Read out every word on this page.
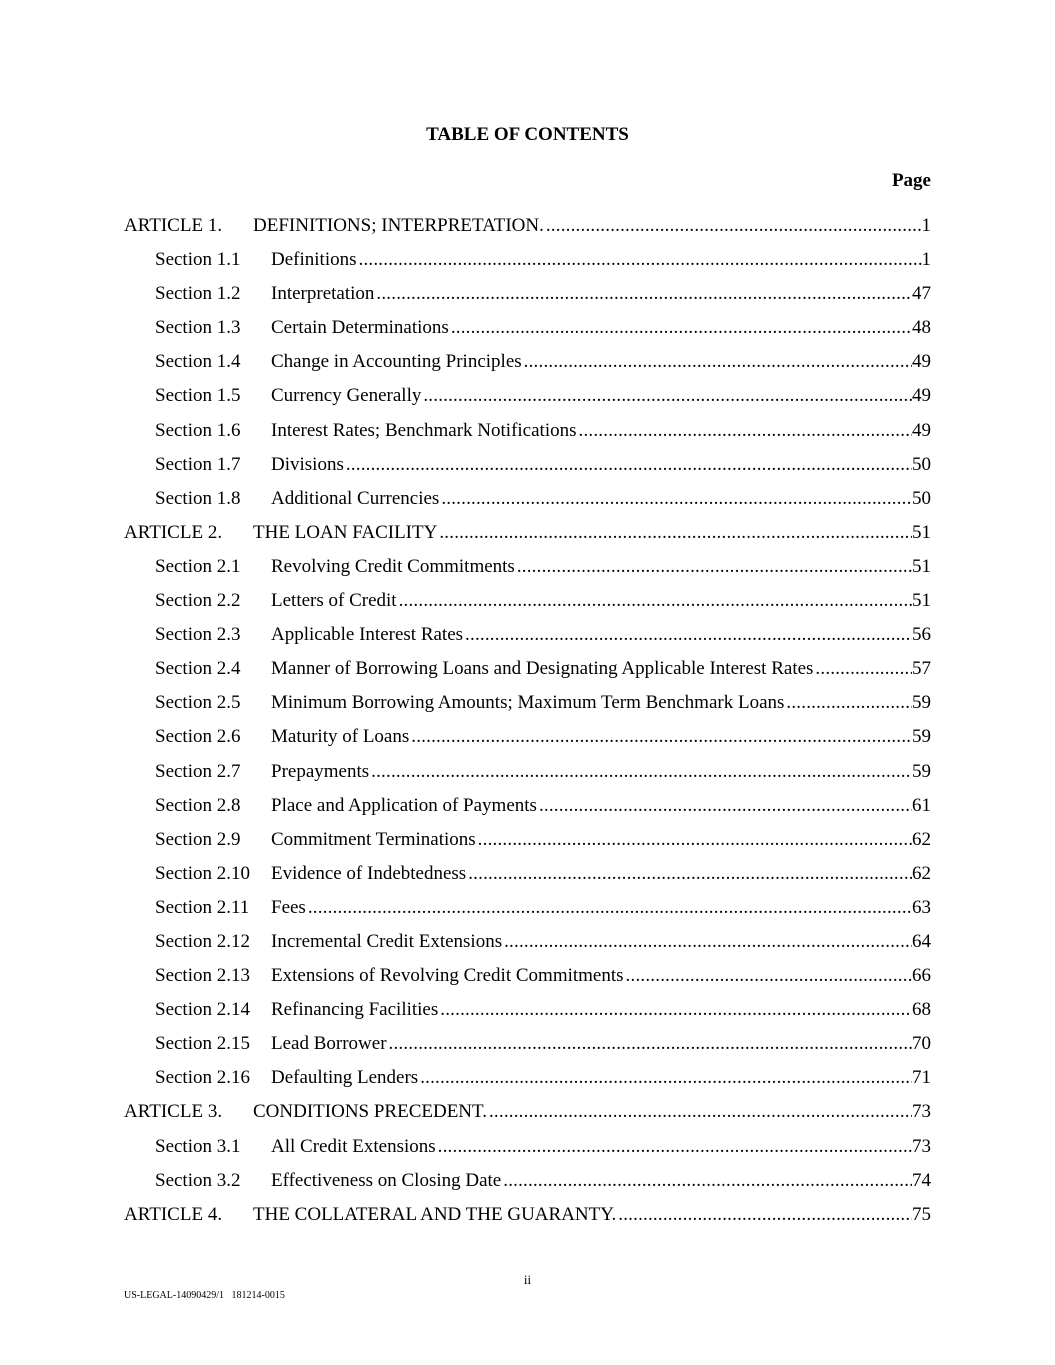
TABLE OF CONTENTS
Page
ARTICLE 1.	DEFINITIONS; INTERPRETATION. .....	1
Section 1.1	Definitions .....	1
Section 1.2	Interpretation .....	47
Section 1.3	Certain Determinations .....	48
Section 1.4	Change in Accounting Principles .....	49
Section 1.5	Currency Generally .....	49
Section 1.6	Interest Rates; Benchmark Notifications .....	49
Section 1.7	Divisions .....	50
Section 1.8	Additional Currencies .....	50
ARTICLE 2.	THE LOAN FACILITY .....	51
Section 2.1	Revolving Credit Commitments .....	51
Section 2.2	Letters of Credit .....	51
Section 2.3	Applicable Interest Rates .....	56
Section 2.4	Manner of Borrowing Loans and Designating Applicable Interest Rates .....	57
Section 2.5	Minimum Borrowing Amounts; Maximum Term Benchmark Loans .....	59
Section 2.6	Maturity of Loans .....	59
Section 2.7	Prepayments .....	59
Section 2.8	Place and Application of Payments .....	61
Section 2.9	Commitment Terminations .....	62
Section 2.10	Evidence of Indebtedness .....	62
Section 2.11	Fees .....	63
Section 2.12	Incremental Credit Extensions .....	64
Section 2.13	Extensions of Revolving Credit Commitments .....	66
Section 2.14	Refinancing Facilities .....	68
Section 2.15	Lead Borrower .....	70
Section 2.16	Defaulting Lenders .....	71
ARTICLE 3.	CONDITIONS PRECEDENT. .....	73
Section 3.1	All Credit Extensions .....	73
Section 3.2	Effectiveness on Closing Date .....	74
ARTICLE 4.	THE COLLATERAL AND THE GUARANTY. .....	75
ii
US-LEGAL-14090429/1   181214-0015
